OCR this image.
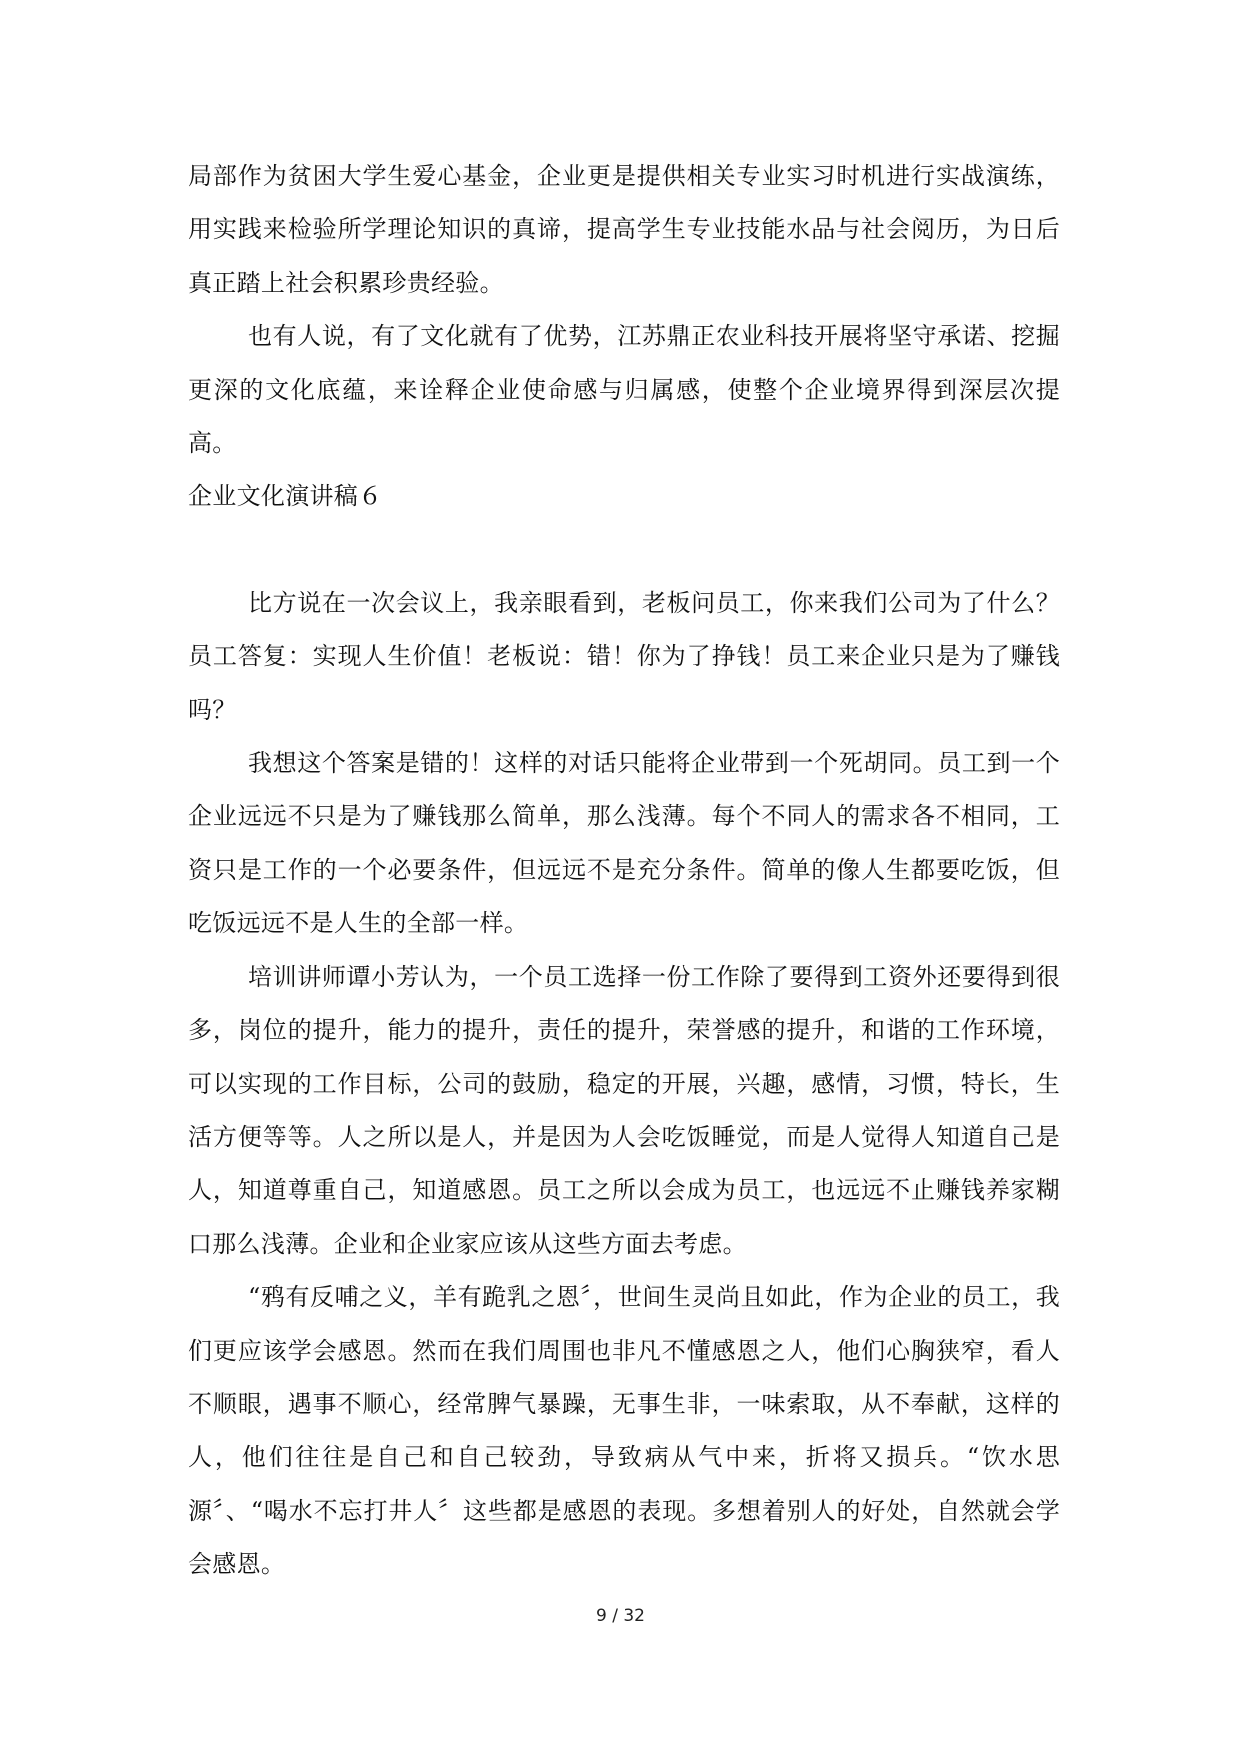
局部作为贫困大学生爱心基金，企业更是提供相关专业实习时机进行实战演练，用实践来检验所学理论知识的真谛，提高学生专业技能水品与社会阅历，为日后真正踏上社会积累珍贵经验。

也有人说，有了文化就有了优势，江苏鼎正农业科技开展将坚守承诺、挖掘更深的文化底蕴，来诠释企业使命感与归属感，使整个企业境界得到深层次提高。

企业文化演讲稿６

比方说在一次会议上，我亲眼看到，老板问员工，你来我们公司为了什么？员工答复：实现人生价值！老板说：错！你为了挣钱！员工来企业只是为了赚钱吗？

我想这个答案是错的！这样的对话只能将企业带到一个死胡同。员工到一个企业远远不只是为了赚钱那么简单，那么浅薄。每个不同人的需求各不相同，工资只是工作的一个必要条件，但远远不是充分条件。简单的像人生都要吃饭，但吃饭远远不是人生的全部一样。

培训讲师谭小芳认为，一个员工选择一份工作除了要得到工资外还要得到很多，岗位的提升，能力的提升，责任的提升，荣誉感的提升，和谐的工作环境，可以实现的工作目标，公司的鼓励，稳定的开展，兴趣，感情，习惯，特长，生活方便等等。人之所以是人，并是因为人会吃饭睡觉，而是人觉得人知道自己是人，知道尊重自己，知道感恩。员工之所以会成为员工，也远远不止赚钱养家糊口那么浅薄。企业和企业家应该从这些方面去考虑。

“鸦有反哺之义，羊有跪乳之恩〞，世间生灵尚且如此，作为企业的员工，我们更应该学会感恩。然而在我们周围也非凡不懂感恩之人，他们心胸狭窄，看人不顺眼，遇事不顺心，经常脾气暴躁，无事生非，一味索取，从不奉献，这样的人，他们往往是自己和自己较劲，导致病从气中来，折将又损兵。“饮水思源〞、“喝水不忘打井人〞这些都是感恩的表现。多想着别人的好处，自然就会学会感恩。

9 / 32
